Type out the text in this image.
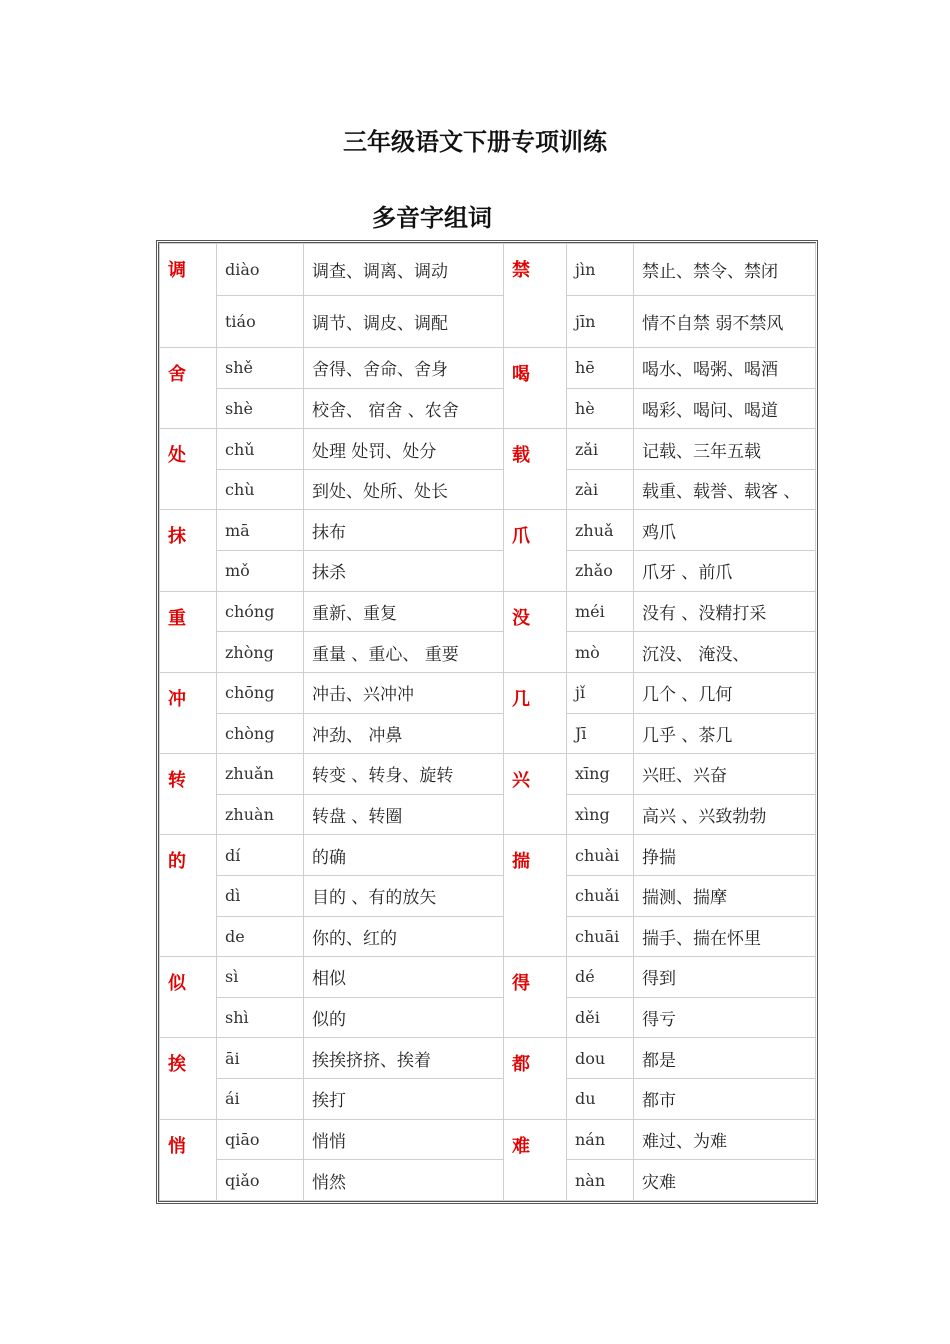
三年级语文下册专项训练
多音字组词
调	diào	调查、调离、调动	禁	jìn	禁止、禁令、禁闭
	tiáo	调节、调皮、调配		jīn	情不自禁 弱不禁风
舍	shě	舍得、舍命、舍身	喝	hē	喝水、喝粥、喝酒
	shè	校舍、 宿舍 、农舍		hè	喝彩、喝问、喝道
处	chǔ	处理 处罚、处分	载	zǎi	记载、三年五载
	chù	到处、处所、处长		zài	载重、载誉、载客 、
抹	mā	抹布	爪	zhuǎ	鸡爪
	mǒ	抹杀		zhǎo	爪牙 、前爪
重	chóng	重新、重复	没	méi	没有 、没精打采
	zhòng	重量 、重心、 重要		mò	沉没、 淹没、
冲	chōng	冲击、兴冲冲	几	jǐ	几个 、几何
	chòng	冲劲、 冲鼻		Jī	几乎 、茶几
转	zhuǎn	转变 、转身、旋转	兴	xīng	兴旺、兴奋
	zhuàn	转盘 、转圈		xìng	高兴 、兴致勃勃
的	dí	的确	揣	chuài	挣揣
	dì	目的 、有的放矢		chuǎi	揣测、揣摩
	de	你的、红的		chuāi	揣手、揣在怀里
似	sì	相似	得	dé	得到
	shì	似的		děi	得亏
挨	āi	挨挨挤挤、挨着	都	dou	都是
	ái	挨打		du	都市
悄	qiāo	悄悄	难	nán	难过、为难
	qiǎo	悄然		nàn	灾难
